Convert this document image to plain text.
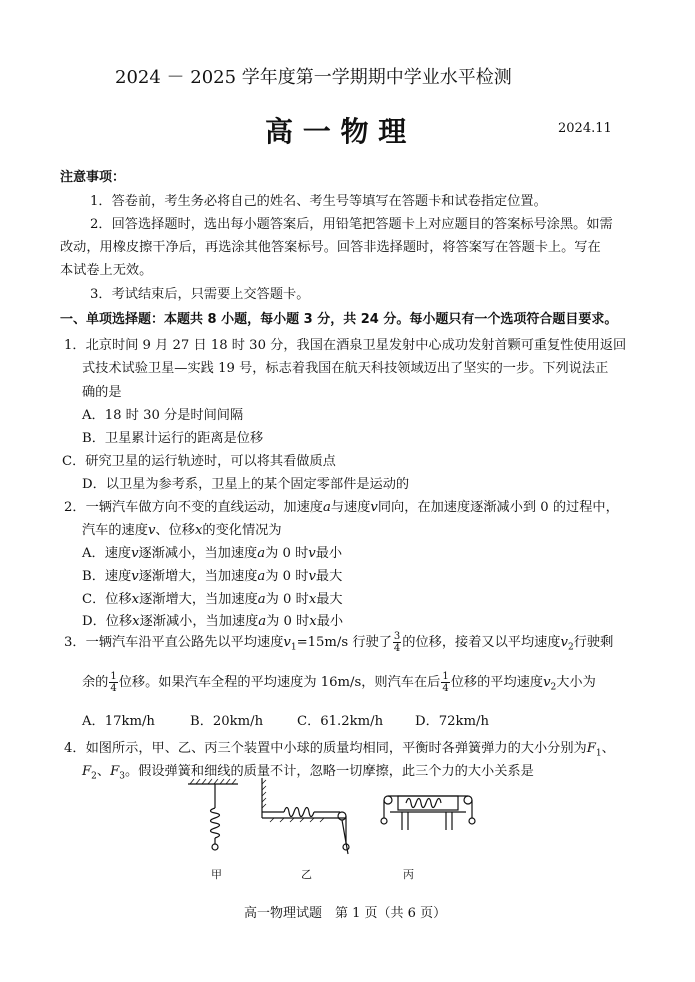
2024 － 2025 学年度第一学期期中学业水平检测
高 一 物 理	2024.11
注意事项：
1．答卷前，考生务必将自己的姓名、考生号等填写在答题卡和试卷指定位置。
2．回答选择题时，选出每小题答案后，用铅笔把答题卡上对应题目的答案标号涂黑。如需
改动，用橡皮擦干净后，再选涂其他答案标号。回答非选择题时，将答案写在答题卡上。写在
本试卷上无效。
3．考试结束后，只需要上交答题卡。
一、单项选择题：本题共 8 小题，每小题 3 分，共 24 分。每小题只有一个选项符合题目要求。
1．北京时间 9 月 27 日 18 时 30 分，我国在酒泉卫星发射中心成功发射首颗可重复性使用返回
式技术试验卫星—实践 19 号，标志着我国在航天科技领域迈出了坚实的一步。下列说法正
确的是
A．18 时 30 分是时间间隔
B．卫星累计运行的距离是位移
C．研究卫星的运行轨迹时，可以将其看做质点
D．以卫星为参考系，卫星上的某个固定零部件是运动的
2．一辆汽车做方向不变的直线运动，加速度a与速度v同向，在加速度逐渐减小到 0 的过程中，
汽车的速度v、位移x的变化情况为
A．速度v逐渐减小，当加速度a为 0 时v最小
B．速度v逐渐增大，当加速度a为 0 时v最大
C．位移x逐渐增大，当加速度a为 0 时x最大
D．位移x逐渐减小，当加速度a为 0 时x最小
3．一辆汽车沿平直公路先以平均速度$v_1=15m/s$ 行驶了 $\frac{3}{4}$ 的位移，接着又以平均速度$v_2$行驶剩
余的 $\frac{1}{4}$ 位移。如果汽车全程的平均速度为 16m/s，则汽车在后 $\frac{1}{4}$ 位移的平均速度$v_2$大小为
A．17km/h	B．20km/h	C．61.2km/h D．72km/h
4．如图所示，甲、乙、丙三个装置中小球的质量均相同，平衡时各弹簧弹力的大小分别为$F_1$、
$F_2$、$F_3$。假设弹簧和细线的质量不计，忽略一切摩擦，此三个力的大小关系是
甲	乙	丙
高一物理试题　第 1 页（共 6 页）
